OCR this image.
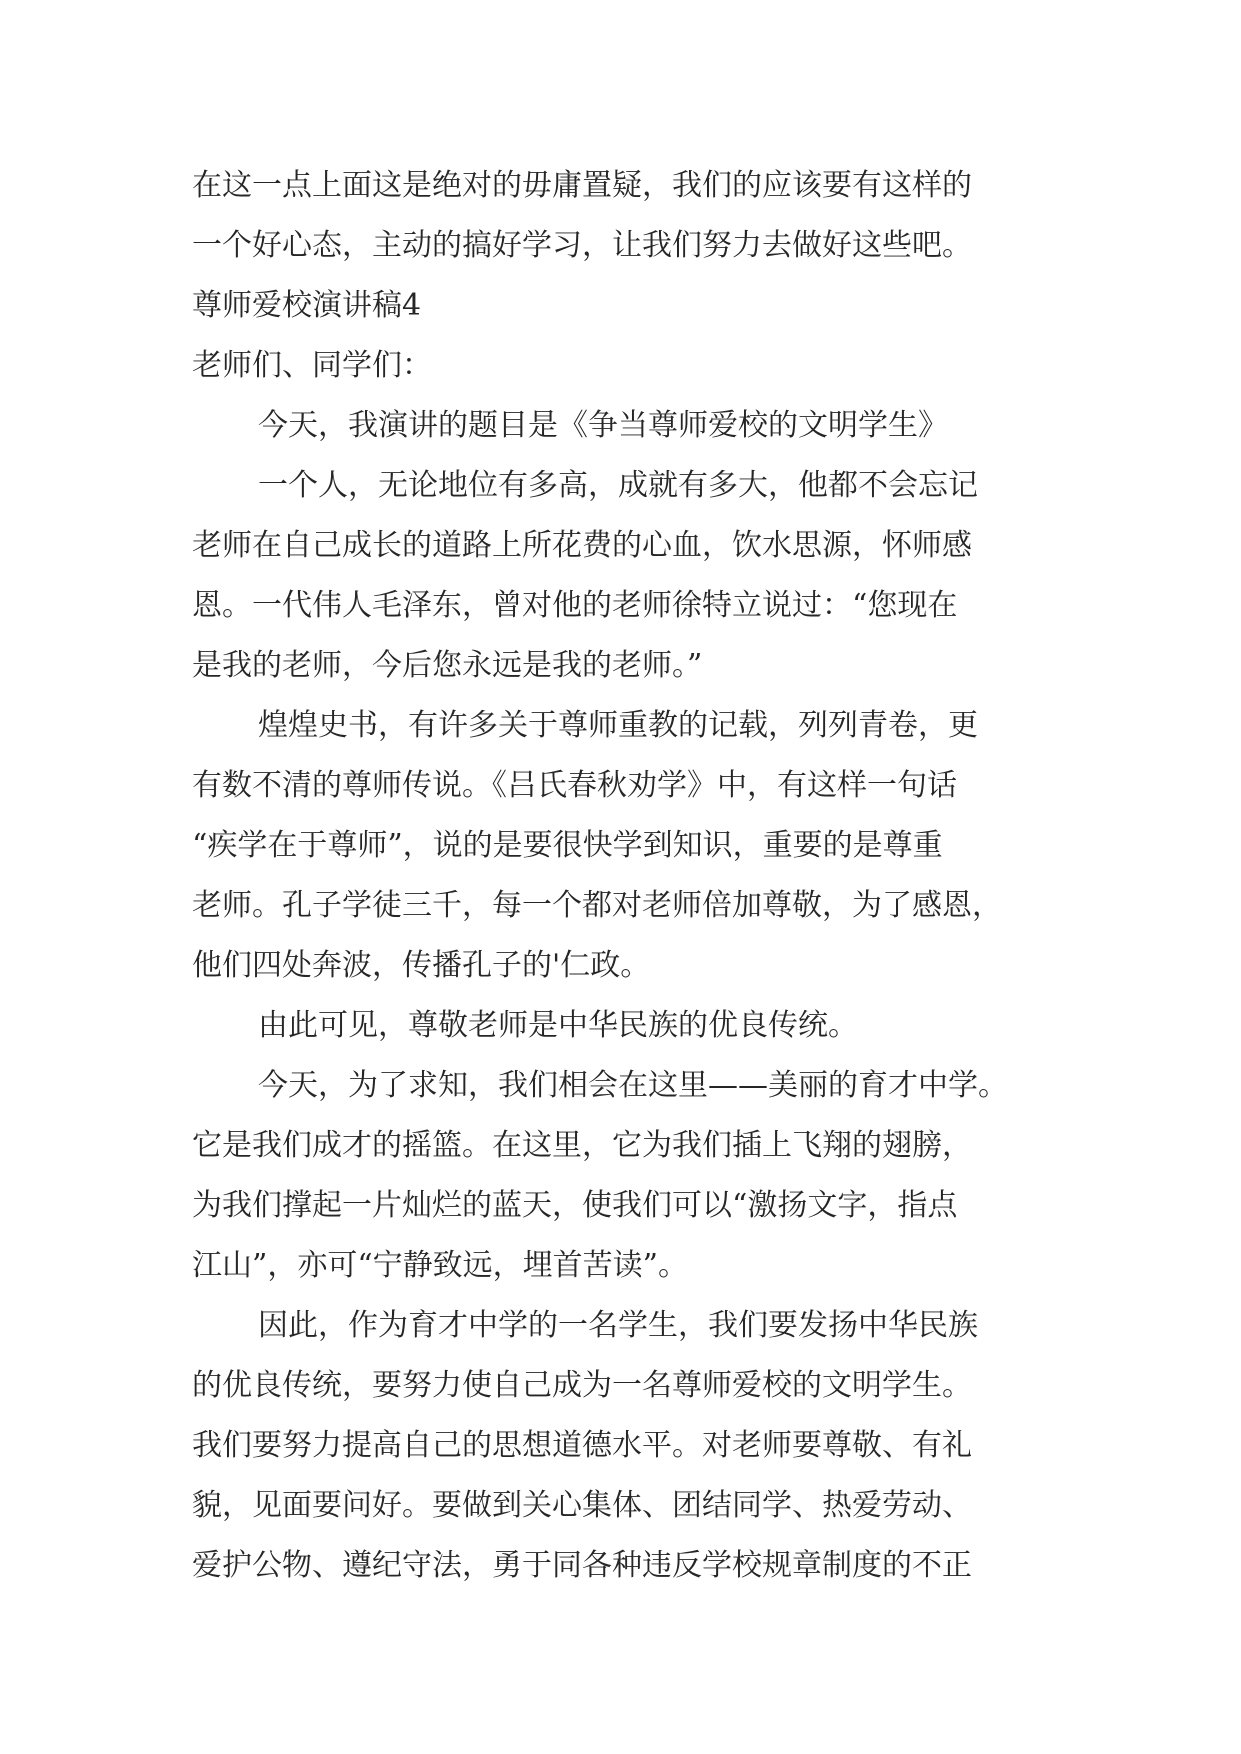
在这一点上面这是绝对的毋庸置疑，我们的应该要有这样的

一个好心态，主动的搞好学习，让我们努力去做好这些吧。

尊师爱校演讲稿4

老师们、同学们：

今天，我演讲的题目是《争当尊师爱校的文明学生》

一个人，无论地位有多高，成就有多大，他都不会忘记

老师在自己成长的道路上所花费的心血，饮水思源，怀师感

恩。一代伟人毛泽东，曾对他的老师徐特立说过：“您现在

是我的老师，今后您永远是我的老师。”

煌煌史书，有许多关于尊师重教的记载，列列青卷，更

有数不清的尊师传说。《吕氏春秋劝学》中，有这样一句话

“疾学在于尊师”，说的是要很快学到知识，重要的是尊重

老师。孔子学徒三千，每一个都对老师倍加尊敬，为了感恩，

他们四处奔波，传播孔子的'仁政。

由此可见，尊敬老师是中华民族的优良传统。

今天，为了求知，我们相会在这里——美丽的育才中学。

它是我们成才的摇篮。在这里，它为我们插上飞翔的翅膀，

为我们撑起一片灿烂的蓝天，使我们可以“激扬文字，指点

江山”，亦可“宁静致远，埋首苦读”。

因此，作为育才中学的一名学生，我们要发扬中华民族

的优良传统，要努力使自己成为一名尊师爱校的文明学生。

我们要努力提高自己的思想道德水平。对老师要尊敬、有礼

貌，见面要问好。要做到关心集体、团结同学、热爱劳动、

爱护公物、遵纪守法，勇于同各种违反学校规章制度的不正
